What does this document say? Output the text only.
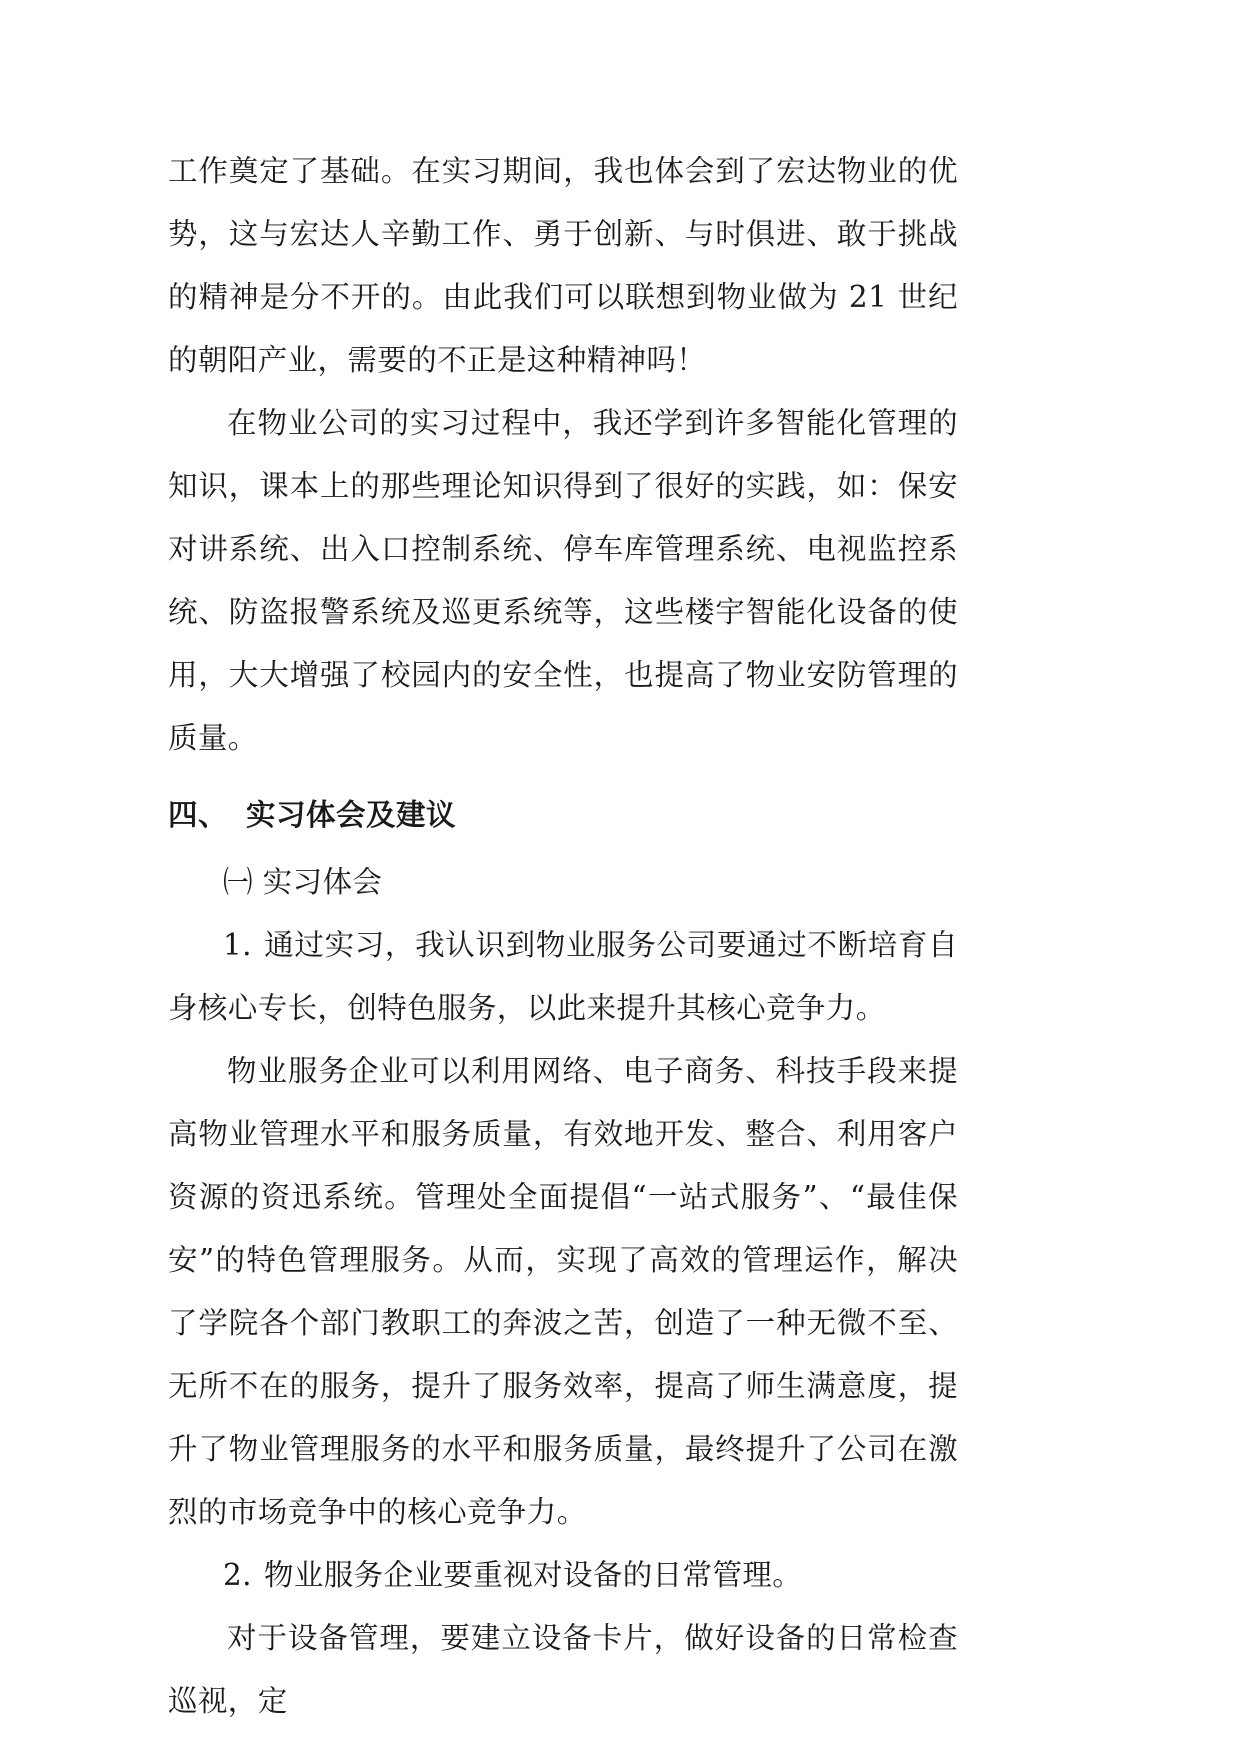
工作奠定了基础。在实习期间，我也体会到了宏达物业的优势，这与宏达人辛勤工作、勇于创新、与时俱进、敢于挑战的精神是分不开的。由此我们可以联想到物业做为 21 世纪的朝阳产业，需要的不正是这种精神吗！

在物业公司的实习过程中，我还学到许多智能化管理的知识，课本上的那些理论知识得到了很好的实践，如：保安对讲系统、出入口控制系统、停车库管理系统、电视监控系统、防盗报警系统及巡更系统等，这些楼宇智能化设备的使用，大大增强了校园内的安全性，也提高了物业安防管理的质量。

四、 实习体会及建议

㈠ 实习体会

1. 通过实习，我认识到物业服务公司要通过不断培育自身核心专长，创特色服务，以此来提升其核心竞争力。

物业服务企业可以利用网络、电子商务、科技手段来提高物业管理水平和服务质量，有效地开发、整合、利用客户资源的资迅系统。管理处全面提倡“一站式服务”、“最佳保安”的特色管理服务。从而，实现了高效的管理运作，解决了学院各个部门教职工的奔波之苦，创造了一种无微不至、无所不在的服务，提升了服务效率，提高了师生满意度，提升了物业管理服务的水平和服务质量，最终提升了公司在激烈的市场竞争中的核心竞争力。

2. 物业服务企业要重视对设备的日常管理。

对于设备管理，要建立设备卡片，做好设备的日常检查巡视，定
